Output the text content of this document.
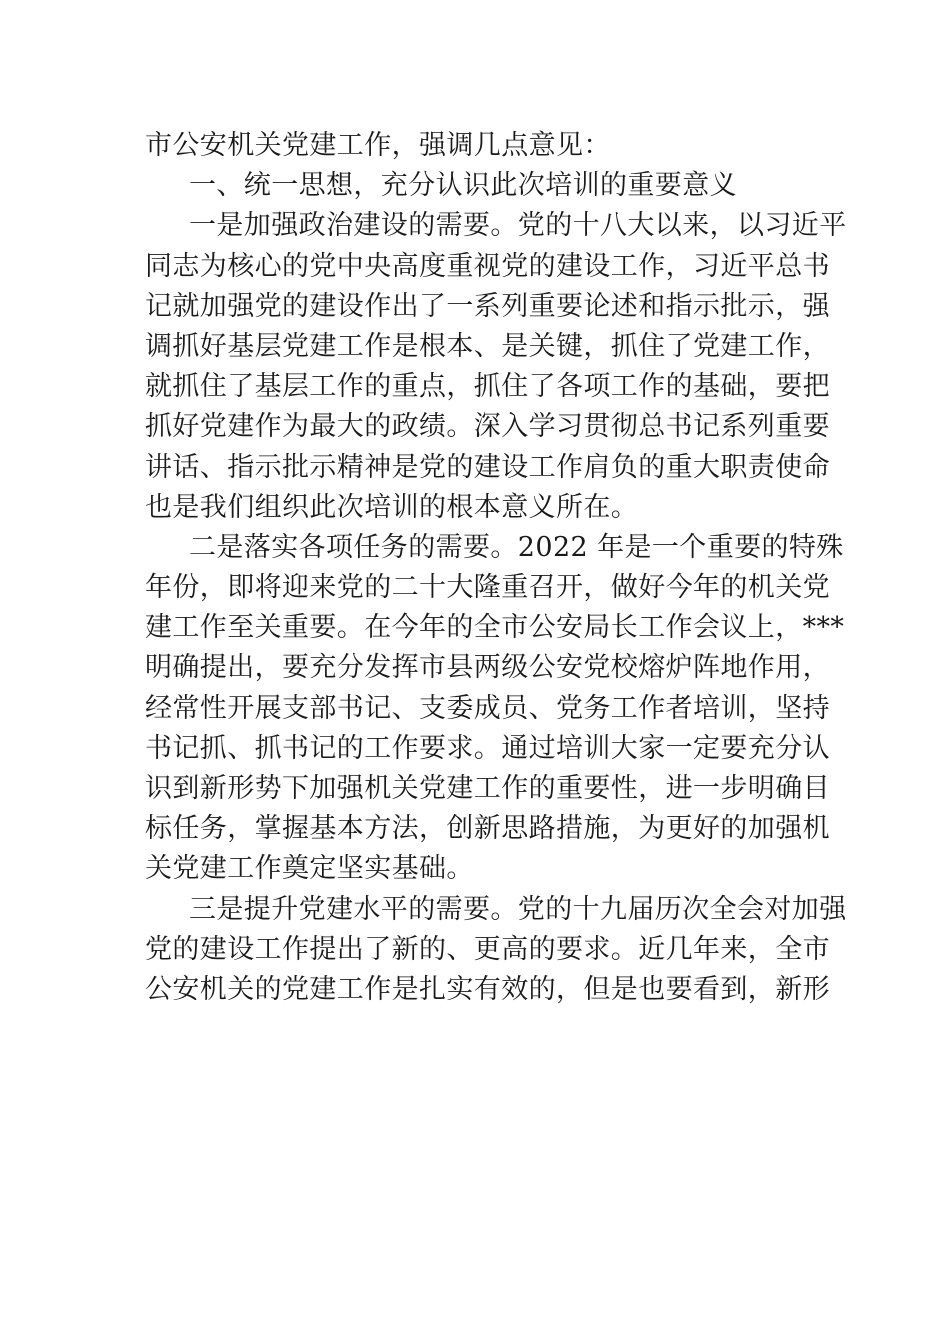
市公安机关党建工作，强调几点意见：
一、统一思想，充分认识此次培训的重要意义
一是加强政治建设的需要。党的十八大以来，以习近平
同志为核心的党中央高度重视党的建设工作，习近平总书
记就加强党的建设作出了一系列重要论述和指示批示，强
调抓好基层党建工作是根本、是关键，抓住了党建工作，
就抓住了基层工作的重点，抓住了各项工作的基础，要把
抓好党建作为最大的政绩。深入学习贯彻总书记系列重要
讲话、指示批示精神是党的建设工作肩负的重大职责使命
也是我们组织此次培训的根本意义所在。
二是落实各项任务的需要。2022 年是一个重要的特殊
年份，即将迎来党的二十大隆重召开，做好今年的机关党
建工作至关重要。在今年的全市公安局长工作会议上，***
明确提出，要充分发挥市县两级公安党校熔炉阵地作用，
经常性开展支部书记、支委成员、党务工作者培训，坚持
书记抓、抓书记的工作要求。通过培训大家一定要充分认
识到新形势下加强机关党建工作的重要性，进一步明确目
标任务，掌握基本方法，创新思路措施，为更好的加强机
关党建工作奠定坚实基础。
三是提升党建水平的需要。党的十九届历次全会对加强
党的建设工作提出了新的、更高的要求。近几年来，全市
公安机关的党建工作是扎实有效的，但是也要看到，新形
